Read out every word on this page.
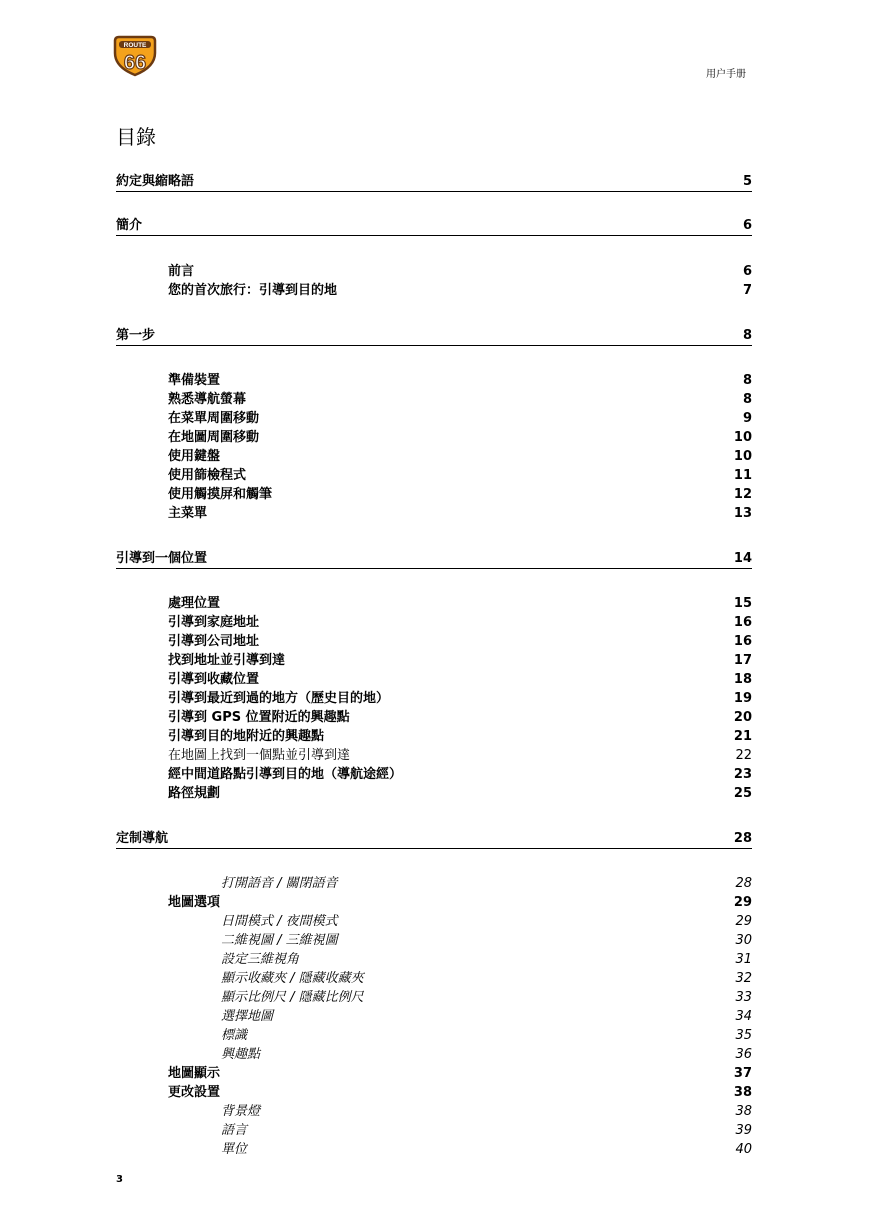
ROUTE
66
用户手册
目錄
約定與縮略語	5
簡介	6
前言	6
您的首次旅行：引導到目的地	7
第一步	8
準備裝置	8
熟悉導航螢幕	8
在菜單周圍移動	9
在地圖周圍移動	10
使用鍵盤	10
使用篩檢程式	11
使用觸摸屏和觸筆	12
主菜單	13
引導到一個位置	14
處理位置	15
引導到家庭地址	16
引導到公司地址	16
找到地址並引導到達	17
引導到收藏位置	18
引導到最近到過的地方（歷史目的地）	19
引導到 GPS 位置附近的興趣點	20
引導到目的地附近的興趣點	21
在地圖上找到一個點並引導到達	22
經中間道路點引導到目的地（導航途經）	23
路徑規劃	25
定制導航	28
打開語音 / 關閉語音	28
地圖選項	29
日間模式 / 夜間模式	29
二維視圖 / 三維視圖	30
設定三維視角	31
顯示收藏夾 / 隱藏收藏夾	32
顯示比例尺 / 隱藏比例尺	33
選擇地圖	34
標識	35
興趣點	36
地圖顯示	37
更改設置	38
背景燈	38
語言	39
單位	40
3
